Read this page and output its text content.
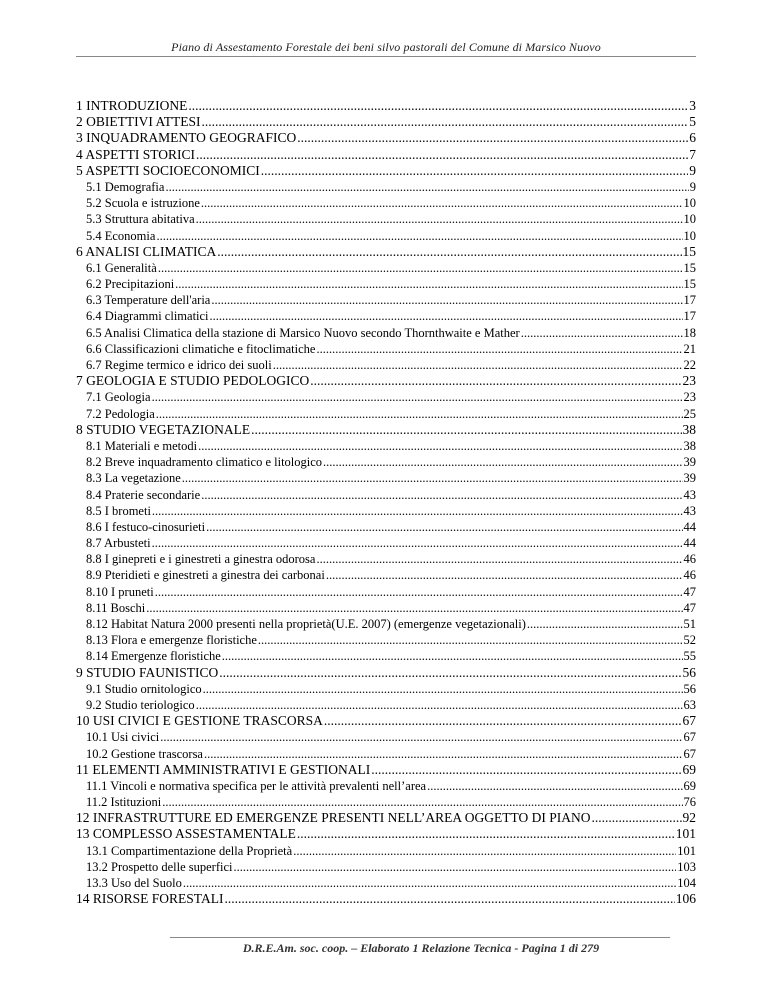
Piano di Assestamento Forestale dei beni silvo pastorali del Comune di Marsico Nuovo
1 INTRODUZIONE .....	3
2 OBIETTIVI ATTESI .....	5
3 INQUADRAMENTO GEOGRAFICO .....	6
4 ASPETTI STORICI .....	7
5 ASPETTI SOCIOECONOMICI .....	9
5.1 Demografia .....	9
5.2 Scuola e istruzione .....	10
5.3 Struttura abitativa .....	10
5.4 Economia .....	10
6 ANALISI CLIMATICA .....	15
6.1 Generalità .....	15
6.2 Precipitazioni .....	15
6.3 Temperature dell'aria .....	17
6.4 Diagrammi climatici .....	17
6.5 Analisi Climatica della stazione di Marsico Nuovo secondo Thornthwaite e Mather .....	18
6.6 Classificazioni climatiche e fitoclimatiche .....	21
6.7 Regime termico e idrico dei suoli .....	22
7 GEOLOGIA E STUDIO PEDOLOGICO .....	23
7.1 Geologia .....	23
7.2 Pedologia .....	25
8 STUDIO VEGETAZIONALE .....	38
8.1 Materiali e metodi .....	38
8.2 Breve inquadramento climatico e litologico .....	39
8.3 La vegetazione .....	39
8.4 Praterie secondarie .....	43
8.5 I brometi .....	43
8.6 I festuco-cinosurieti .....	44
8.7 Arbusteti .....	44
8.8 I ginepreti e i ginestreti a ginestra odorosa .....	46
8.9 Pteridieti e ginestreti a ginestra dei carbonai .....	46
8.10 I pruneti .....	47
8.11 Boschi .....	47
8.12 Habitat Natura 2000 presenti nella proprietà(U.E. 2007) (emergenze vegetazionali) .....	51
8.13 Flora e emergenze floristiche .....	52
8.14 Emergenze floristiche .....	55
9 STUDIO FAUNISTICO .....	56
9.1 Studio ornitologico .....	56
9.2 Studio teriologico .....	63
10 USI CIVICI E GESTIONE TRASCORSA .....	67
10.1 Usi civici .....	67
10.2 Gestione trascorsa .....	67
11 ELEMENTI AMMINISTRATIVI E GESTIONALI .....	69
11.1 Vincoli e normativa specifica per le attività prevalenti nell’area .....	69
11.2 Istituzioni .....	76
12 INFRASTRUTTURE ED EMERGENZE PRESENTI NELL’AREA OGGETTO DI PIANO .....	92
13 COMPLESSO ASSESTAMENTALE .....	101
13.1 Compartimentazione della Proprietà .....	101
13.2 Prospetto delle superfici .....	103
13.3 Uso del Suolo .....	104
14 RISORSE FORESTALI .....	106
D.R.E.Am. soc. coop. – Elaborato 1 Relazione Tecnica - Pagina 1 di 279
